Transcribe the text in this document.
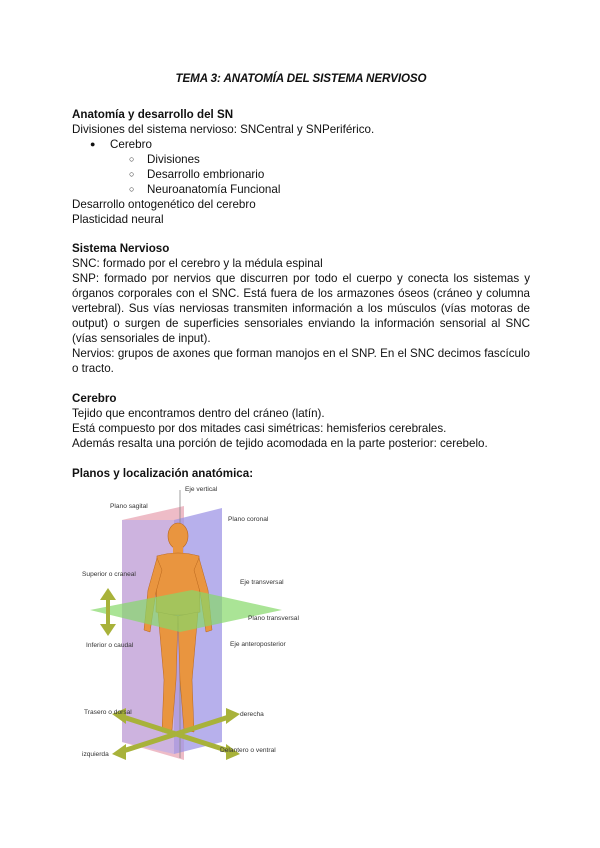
TEMA 3: ANATOMÍA DEL SISTEMA NERVIOSO
Anatomía y desarrollo del SN
Divisiones del sistema nervioso: SNCentral y SNPeriférico.
● Cerebro
○ Divisiones
○ Desarrollo embrionario
○ Neuroanatomía Funcional
Desarrollo ontogenético del cerebro
Plasticidad neural
Sistema Nervioso
SNC: formado por el cerebro y la médula espinal
SNP: formado por nervios que discurren por todo el cuerpo y conecta los sistemas y órganos corporales con el SNC. Está fuera de los armazones óseos (cráneo y columna vertebral). Sus vías nerviosas transmiten información a los músculos (vías motoras de output) o surgen de superficies sensoriales enviando la información sensorial al SNC (vías sensoriales de input).
Nervios: grupos de axones que forman manojos en el SNP. En el SNC decimos fascículo o tracto.
Cerebro
Tejido que encontramos dentro del cráneo (latín).
Está compuesto por dos mitades casi simétricas: hemisferios cerebrales.
Además resalta una porción de tejido acomodada en la parte posterior: cerebelo.
Planos y localización anatómica:
Eje vertical
Plano sagital
Plano coronal
Superior o craneal
Eje transversal
Plano transversal
Inferior o caudal	Eje anteroposterior
Trasero o dorsal	derecha
izquierda
Delantero o ventral
